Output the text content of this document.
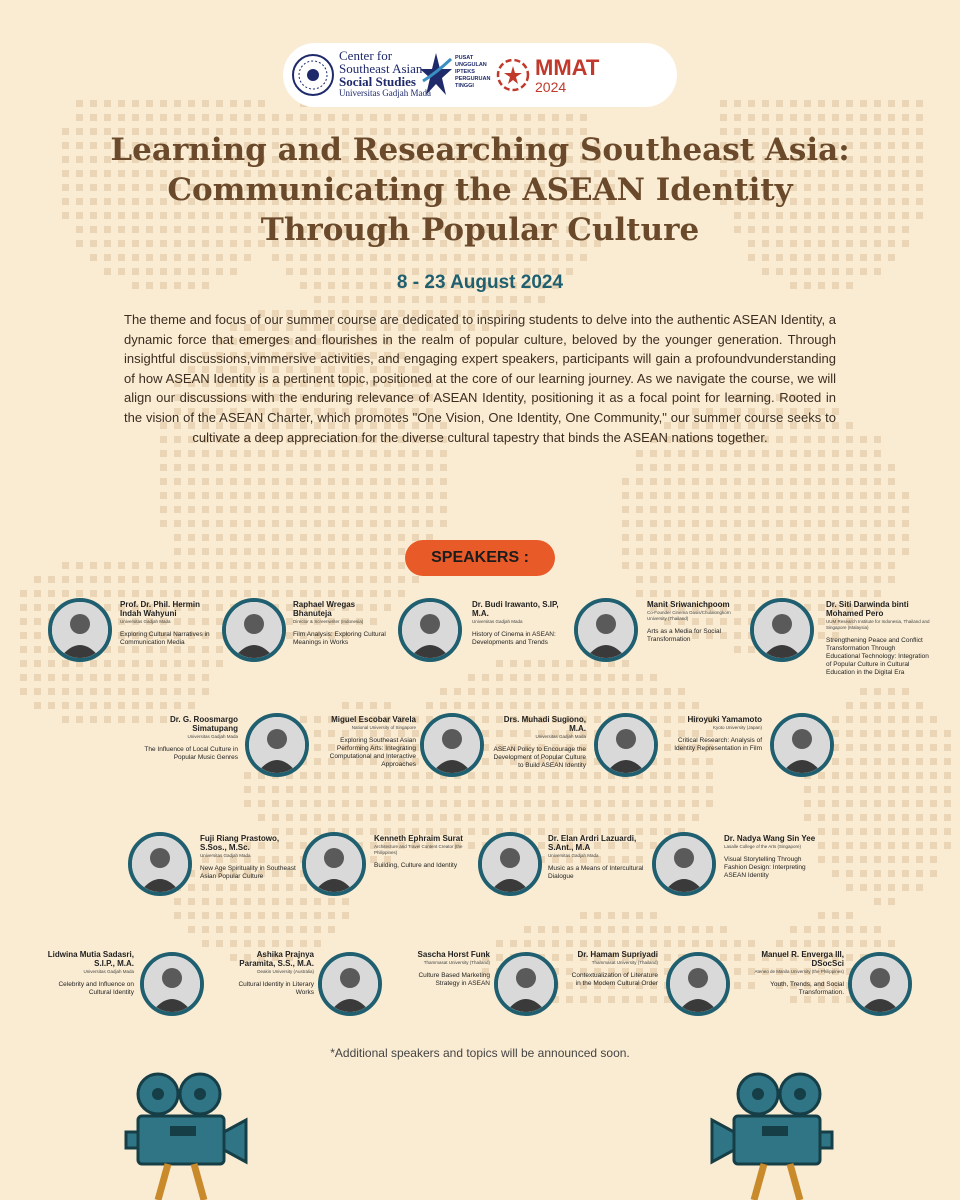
Center for
Southeast Asian
Social Studies
Universitas Gadjah Mada
PUSAT
UNGGULAN
IPTEKS
PERGURUAN
TINGGI
MMAT
2024
Learning and Researching Southeast Asia:
Communicating the ASEAN Identity
Through Popular Culture
8 - 23 August 2024

The theme and focus of our summer course are dedicated to inspiring students to delve into the authentic ASEAN Identity, a dynamic force that emerges and flourishes in the realm of popular culture, beloved by the younger generation. Through insightful discussions,vimmersive activities, and engaging expert speakers, participants will gain a profoundvunderstanding of how ASEAN Identity is a pertinent topic, positioned at the core of our learning journey. As we navigate the course, we will align our discussions with the enduring relevance of ASEAN Identity, positioning it as a focal point for learning. Rooted in the vision of the ASEAN Charter, which promotes "One Vision, One Identity, One Community," our summer course seeks to cultivate a deep appreciation for the diverse cultural tapestry that binds the ASEAN nations together.

SPEAKERS :
Prof. Dr. Phil. Hermin Indah Wahyuni
Universitas Gadjah Mada
Exploring Cultural Narratives in Communication Media
Raphael Wregas Bhanuteja
Director & Screenwriter (Indonesia)
Film Analysis: Exploring Cultural Meanings in Works
Dr. Budi Irawanto, S.IP, M.A.
Universitas Gadjah Mada
History of Cinema in ASEAN: Developments and Trends
Manit Sriwanichpoom
Co-Founder Cinema Oasis/Chulalongkorn University (Thailand)
Arts as a Media for Social Transformation
Dr. Siti Darwinda binti Mohamed Pero
UUM Research Institute for Indonesia, Thailand and Singapore (Malaysia)
Strengthening Peace and Conflict Transformation Through Educational Technology: Integration of Popular Culture in Cultural Education in the Digital Era
Dr. G. Roosmargo Simatupang
Universitas Gadjah Mada
The Influence of Local Culture in Popular Music Genres
Miguel Escobar Varela
National University of Singapore
Exploring Southeast Asian Performing Arts: Integrating Computational and Interactive Approaches
Drs. Muhadi Sugiono, M.A.
Universitas Gadjah Mada
ASEAN Policy to Encourage the Development of Popular Culture to Build ASEAN Identity
Hiroyuki Yamamoto
Kyoto University (Japan)
Critical Research: Analysis of Identity Representation in Film
Fuji Riang Prastowo, S.Sos., M.Sc.
Universitas Gadjah Mada
New Age Spirituality in Southeast Asian Popular Culture
Kenneth Ephraim Surat
Architecture and Travel Content Creator (the Philippines)
Building, Culture and Identity
Dr. Elan Ardri Lazuardi, S.Ant., M.A
Universitas Gadjah Mada
Music as a Means of Intercultural Dialogue
Dr. Nadya Wang Sin Yee
Lasalle College of the Arts (Singapore)
Visual Storytelling Through Fashion Design: Interpreting ASEAN Identity
Lidwina Mutia Sadasri, S.I.P., M.A.
Universitas Gadjah Mada
Celebrity and Influence on Cultural Identity
Ashika Prajnya Paramita, S.S., M.A.
Deakin University (Australia)
Cultural Identity in Literary Works
Sascha Horst Funk
Thammasat University (Thailand)
Culture Based Marketing Strategy in ASEAN
Dr. Hamam Supriyadi
Thammasat University (Thailand)
Contextualization of Literature in the Modern Cultural Order
Manuel R. Enverga III, DSocSci
Ateneo de Manila University (the Philippines)
Youth, Trends, and Social Transformation.
*Additional speakers and topics will be announced soon.
